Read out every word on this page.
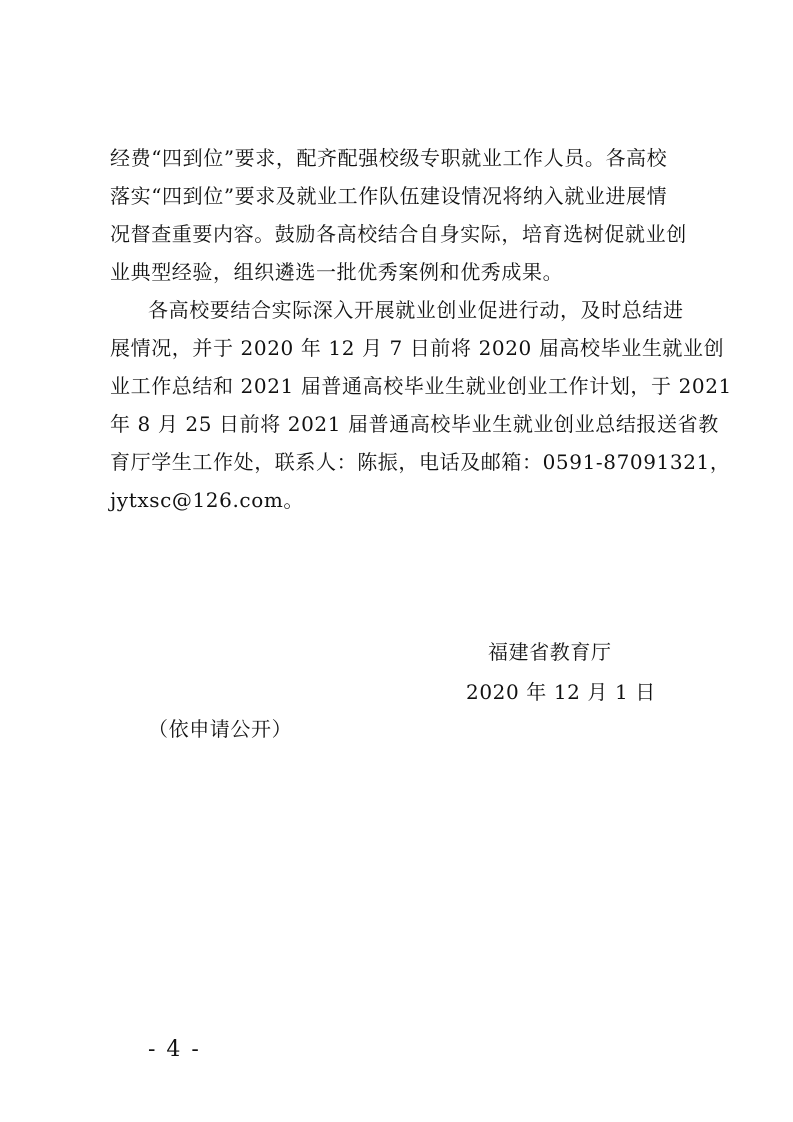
经费“四到位”要求，配齐配强校级专职就业工作人员。各高校
落实“四到位”要求及就业工作队伍建设情况将纳入就业进展情
况督查重要内容。鼓励各高校结合自身实际，培育选树促就业创
业典型经验，组织遴选一批优秀案例和优秀成果。
各高校要结合实际深入开展就业创业促进行动，及时总结进
展情况，并于 2020 年 12 月 7 日前将 2020 届高校毕业生就业创
业工作总结和 2021 届普通高校毕业生就业创业工作计划，于 2021
年 8 月 25 日前将 2021 届普通高校毕业生就业创业总结报送省教
育厅学生工作处，联系人：陈振，电话及邮箱：0591-87091321，
jytxsc@126.com。
福建省教育厅
2020 年 12 月 1 日
（依申请公开）
- 4 -
